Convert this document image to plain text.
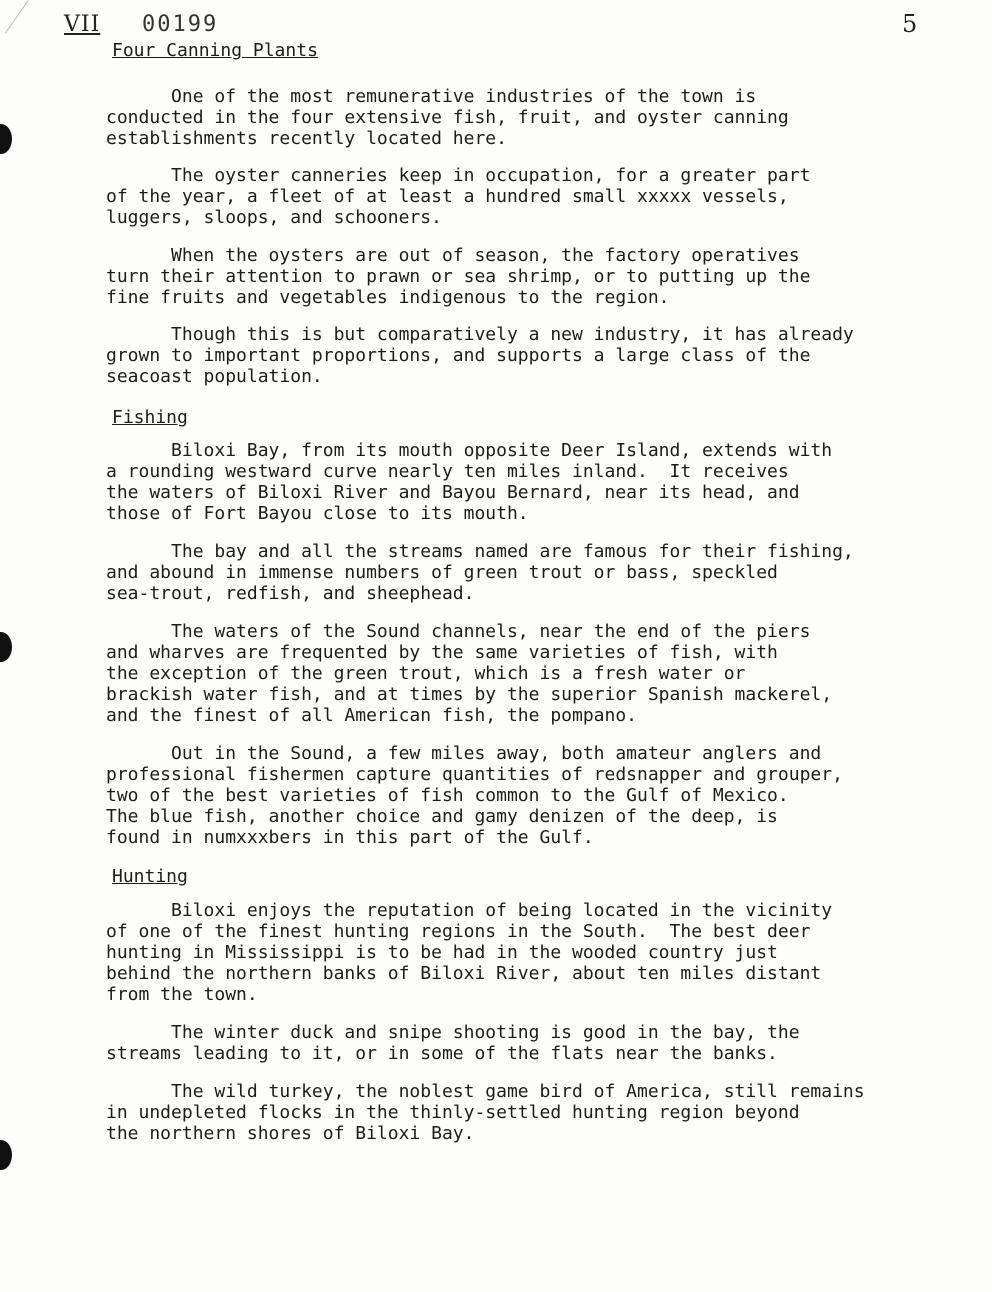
VII 00199	5
Four Canning Plants
One of the most remunerative industries of the town is
conducted in the four extensive fish, fruit, and oyster canning
establishments recently located here.
The oyster canneries keep in occupation, for a greater part
of the year, a fleet of at least a hundred small xxxxx vessels,
luggers, sloops, and schooners.
When the oysters are out of season, the factory operatives
turn their attention to prawn or sea shrimp, or to putting up the
fine fruits and vegetables indigenous to the region.
Though this is but comparatively a new industry, it has already
grown to important proportions, and supports a large class of the
seacoast population.
Fishing
Biloxi Bay, from its mouth opposite Deer Island, extends with
a rounding westward curve nearly ten miles inland.  It receives
the waters of Biloxi River and Bayou Bernard, near its head, and
those of Fort Bayou close to its mouth.
The bay and all the streams named are famous for their fishing,
and abound in immense numbers of green trout or bass, speckled
sea-trout, redfish, and sheephead.
The waters of the Sound channels, near the end of the piers
and wharves are frequented by the same varieties of fish, with
the exception of the green trout, which is a fresh water or
brackish water fish, and at times by the superior Spanish mackerel,
and the finest of all American fish, the pompano.
Out in the Sound, a few miles away, both amateur anglers and
professional fishermen capture quantities of redsnapper and grouper,
two of the best varieties of fish common to the Gulf of Mexico.
The blue fish, another choice and gamy denizen of the deep, is
found in numxxxbers in this part of the Gulf.
Hunting
Biloxi enjoys the reputation of being located in the vicinity
of one of the finest hunting regions in the South.  The best deer
hunting in Mississippi is to be had in the wooded country just
behind the northern banks of Biloxi River, about ten miles distant
from the town.
The winter duck and snipe shooting is good in the bay, the
streams leading to it, or in some of the flats near the banks.
The wild turkey, the noblest game bird of America, still remains
in undepleted flocks in the thinly-settled hunting region beyond
the northern shores of Biloxi Bay.
